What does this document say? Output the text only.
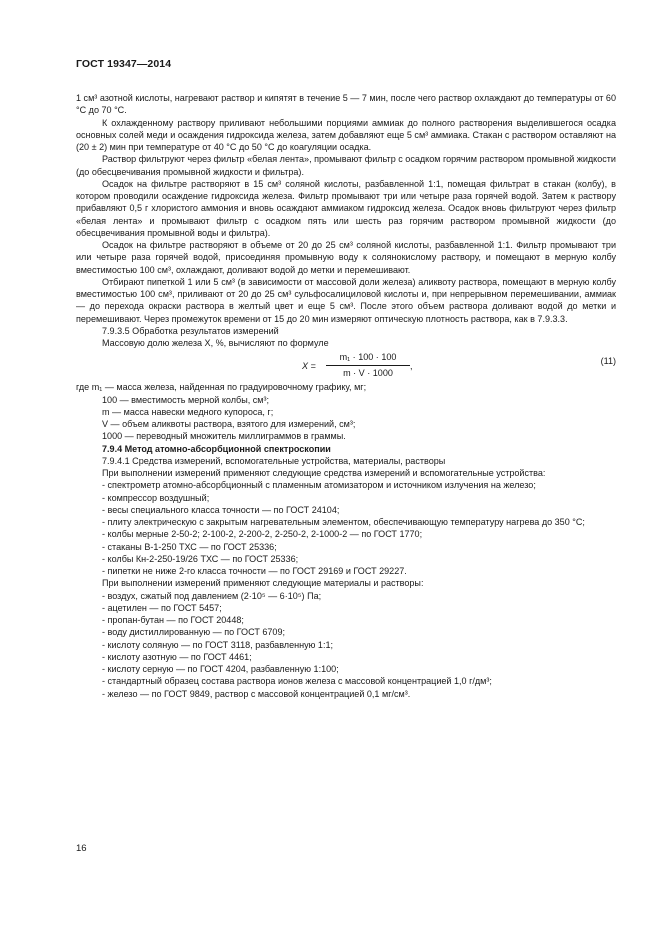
ГОСТ 19347—2014

1 см³ азотной кислоты, нагревают раствор и кипятят в течение 5 — 7 мин, после чего раствор охлаждают до температуры от 60 °С до 70 °С.

К охлажденному раствору приливают небольшими порциями аммиак до полного растворения выделившегося осадка основных солей меди и осаждения гидроксида железа, затем добавляют еще 5 см³ аммиака. Стакан с раствором оставляют на (20 ± 2) мин при температуре от 40 °С до 50 °С до коагуляции осадка.

Раствор фильтруют через фильтр «белая лента», промывают фильтр с осадком горячим раствором промывной жидкости (до обесцвечивания промывной жидкости и фильтра).

Осадок на фильтре растворяют в 15 см³ соляной кислоты, разбавленной 1:1, помещая фильтрат в стакан (колбу), в котором проводили осаждение гидроксида железа. Фильтр промывают три или четыре раза горячей водой. Затем к раствору прибавляют 0,5 г хлористого аммония и вновь осаждают аммиаком гидроксид железа. Осадок вновь фильтруют через фильтр «белая лента» и промывают фильтр с осадком пять или шесть раз горячим раствором промывной жидкости (до обесцвечивания промывной воды и фильтра).

Осадок на фильтре растворяют в объеме от 20 до 25 см³ соляной кислоты, разбавленной 1:1. Фильтр промывают три или четыре раза горячей водой, присоединяя промывную воду к солянокислому раствору, и помещают в мерную колбу вместимостью 100 см³, охлаждают, доливают водой до метки и перемешивают.

Отбирают пипеткой 1 или 5 см³ (в зависимости от массовой доли железа) аликвоту раствора, помещают в мерную колбу вместимостью 100 см³, приливают от 20 до 25 см³ сульфосалициловой кислоты и, при непрерывном перемешивании, аммиак — до перехода окраски раствора в желтый цвет и еще 5 см³. После этого объем раствора доливают водой до метки и перемешивают. Через промежуток времени от 15 до 20 мин измеряют оптическую плотность раствора, как в 7.9.3.3.

7.9.3.5 Обработка результатов измерений

Массовую долю железа X, %, вычисляют по формуле

$X = \frac{\text{m₁ · 100 · 100}}{m \cdot V \cdot 1000}$ ,	(11)

где m₁ — масса железа, найденная по градуировочному графику, мг;

100 — вместимость мерной колбы, см³;

m — масса навески медного купороса, г;

V — объем аликвоты раствора, взятого для измерений, см³;

1000 — переводный множитель миллиграммов в граммы.

7.9.4 Метод атомно-абсорбционной спектроскопии

7.9.4.1 Средства измерений, вспомогательные устройства, материалы, растворы

При выполнении измерений применяют следующие средства измерений и вспомогательные устройства:

- спектрометр атомно-абсорбционный с пламенным атомизатором и источником излучения на железо;

- компрессор воздушный;

- весы специального класса точности — по ГОСТ 24104;

- плиту электрическую с закрытым нагревательным элементом, обеспечивающую температуру нагрева до 350 °С;

- колбы мерные 2-50-2; 2-100-2, 2-200-2, 2-250-2, 2-1000-2 — по ГОСТ 1770;

- стаканы В-1-250 ТХС — по ГОСТ 25336;

- колбы Кн-2-250-19/26 ТХС — по ГОСТ 25336;

- пипетки не ниже 2-го класса точности — по ГОСТ 29169 и ГОСТ 29227.

При выполнении измерений применяют следующие материалы и растворы:

- воздух, сжатый под давлением (2·10⁵ — 6·10⁵) Па;

- ацетилен — по ГОСТ 5457;

- пропан-бутан — по ГОСТ 20448;

- воду дистиллированную — по ГОСТ 6709;

- кислоту соляную — по ГОСТ 3118, разбавленную 1:1;

- кислоту азотную — по ГОСТ 4461;

- кислоту серную — по ГОСТ 4204, разбавленную 1:100;

- стандартный образец состава раствора ионов железа с массовой концентрацией 1,0 г/дм³;

- железо — по ГОСТ 9849, раствор с массовой концентрацией 0,1 мг/см³.

16
